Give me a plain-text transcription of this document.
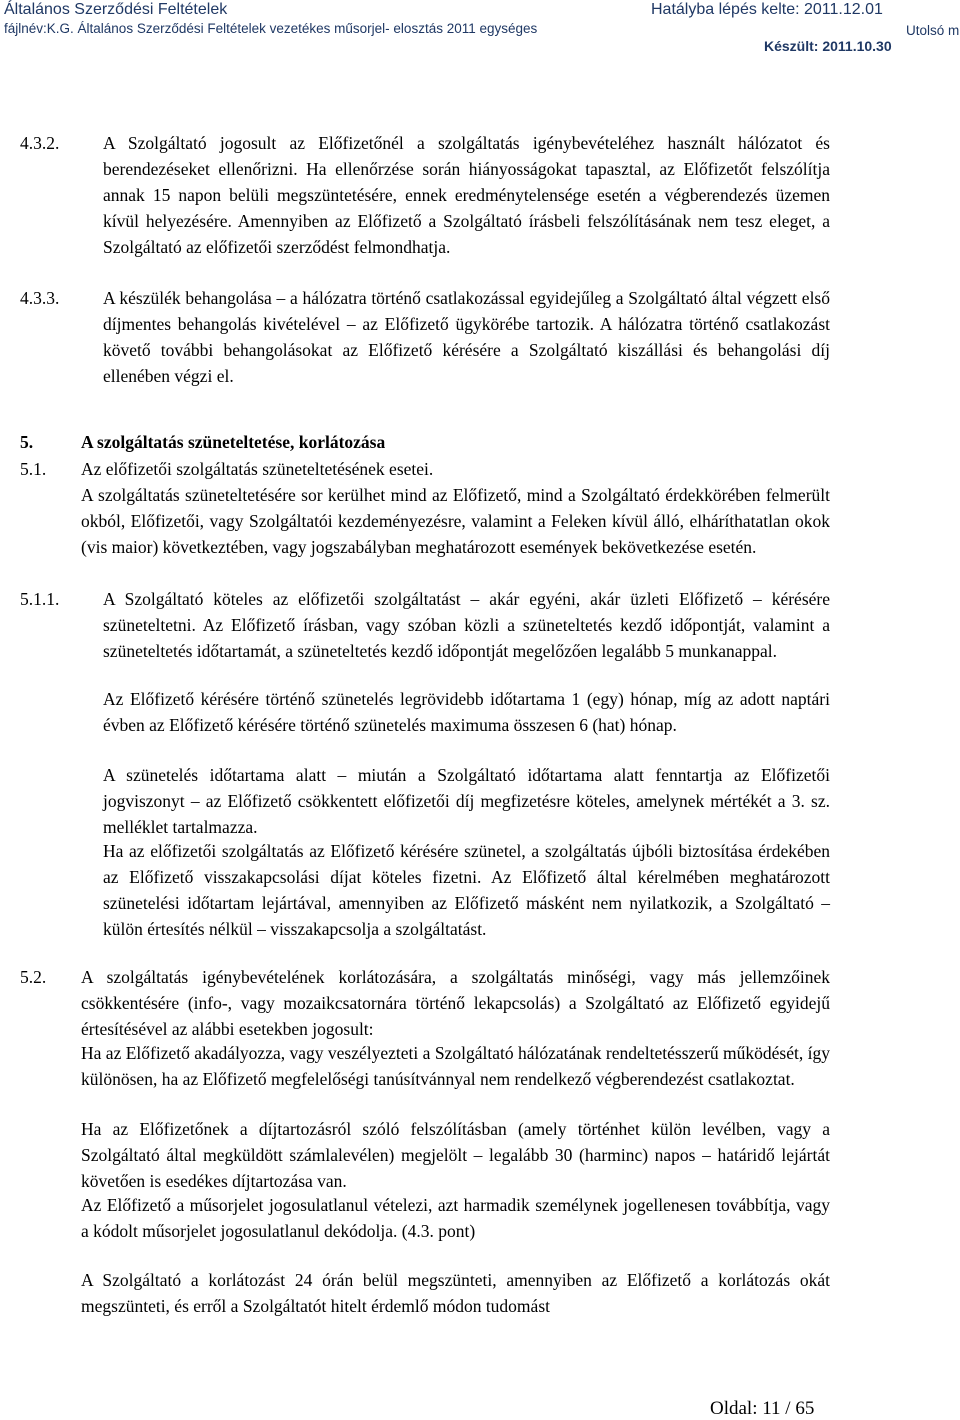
Általános Szerződési Feltételek
fájlnév:K.G. Általános Szerződési Feltételek vezetékes műsorjel- elosztás 2011 egységes
Hatályba lépés kelte: 2011.12.01
Utolsó m
Készült: 2011.10.30
4.3.2. A Szolgáltató jogosult az Előfizetőnél a szolgáltatás igénybevételéhez használt hálózatot és berendezéseket ellenőrizni. Ha ellenőrzése során hiányosságokat tapasztal, az Előfizetőt felszólítja annak 15 napon belüli megszüntetésére, ennek eredménytelensége esetén a végberendezés üzemen kívül helyezésére. Amennyiben az Előfizető a Szolgáltató írásbeli felszólításának nem tesz eleget, a Szolgáltató az előfizetői szerződést felmondhatja.
4.3.3. A készülék behangolása – a hálózatra történő csatlakozással egyidejűleg a Szolgáltató által végzett első díjmentes behangolás kivételével – az Előfizető ügykörébe tartozik. A hálózatra történő csatlakozást követő további behangolásokat az Előfizető kérésére a Szolgáltató kiszállási és behangolási díj ellenében végzi el.
5.	A szolgáltatás szüneteltetése, korlátozása
5.1. Az előfizetői szolgáltatás szüneteltetésének esetei.
A szolgáltatás szüneteltetésére sor kerülhet mind az Előfizető, mind a Szolgáltató érdekkörében felmerült okból, Előfizetői, vagy Szolgáltatói kezdeményezésre, valamint a Feleken kívül álló, elháríthatatlan okok (vis maior) következtében, vagy jogszabályban meghatározott események bekövetkezése esetén.
5.1.1. A Szolgáltató köteles az előfizetői szolgáltatást – akár egyéni, akár üzleti Előfizető – kérésére szüneteltetni. Az Előfizető írásban, vagy szóban közli a szüneteltetés kezdő időpontját, valamint a szüneteltetés időtartamát, a szüneteltetés kezdő időpontját megelőzően legalább 5 munkanappal.
Az Előfizető kérésére történő szünetelés legrövidebb időtartama 1 (egy) hónap, míg az adott naptári évben az Előfizető kérésére történő szünetelés maximuma összesen 6 (hat) hónap.
A szünetelés időtartama alatt – miután a Szolgáltató időtartama alatt fenntartja az Előfizetői jogviszonyt – az Előfizető csökkentett előfizetői díj megfizetésre köteles, amelynek mértékét a 3. sz. melléklet tartalmazza.
Ha az előfizetői szolgáltatás az Előfizető kérésére szünetel, a szolgáltatás újbóli biztosítása érdekében az Előfizető visszakapcsolási díjat köteles fizetni. Az Előfizető által kérelmében meghatározott szünetelési időtartam lejártával, amennyiben az Előfizető másként nem nyilatkozik, a Szolgáltató – külön értesítés nélkül – visszakapcsolja a szolgáltatást.
5.2. A szolgáltatás igénybevételének korlátozására, a szolgáltatás minőségi, vagy más jellemzőinek csökkentésére (info-, vagy mozaikcsatornára történő lekapcsolás) a Szolgáltató az Előfizető egyidejű értesítésével az alábbi esetekben jogosult:
Ha az Előfizető akadályozza, vagy veszélyezteti a Szolgáltató hálózatának rendeltetésszerű működését, így különösen, ha az Előfizető megfelelőségi tanúsítvánnyal nem rendelkező végberendezést csatlakoztat.
Ha az Előfizetőnek a díjtartozásról szóló felszólításban (amely történhet külön levélben, vagy a Szolgáltató által megküldött számlalevélen) megjelölt – legalább 30 (harminc) napos – határidő lejártát követően is esedékes díjtartozása van.
Az Előfizető a műsorjelet jogosulatlanul vételezi, azt harmadik személynek jogellenesen továbbítja, vagy a kódolt műsorjelet jogosulatlanul dekódolja. (4.3. pont)
A Szolgáltató a korlátozást 24 órán belül megszünteti, amennyiben az Előfizető a korlátozás okát megszünteti, és erről a Szolgáltatót hitelt érdemlő módon tudomást
Oldal: 11 / 65
